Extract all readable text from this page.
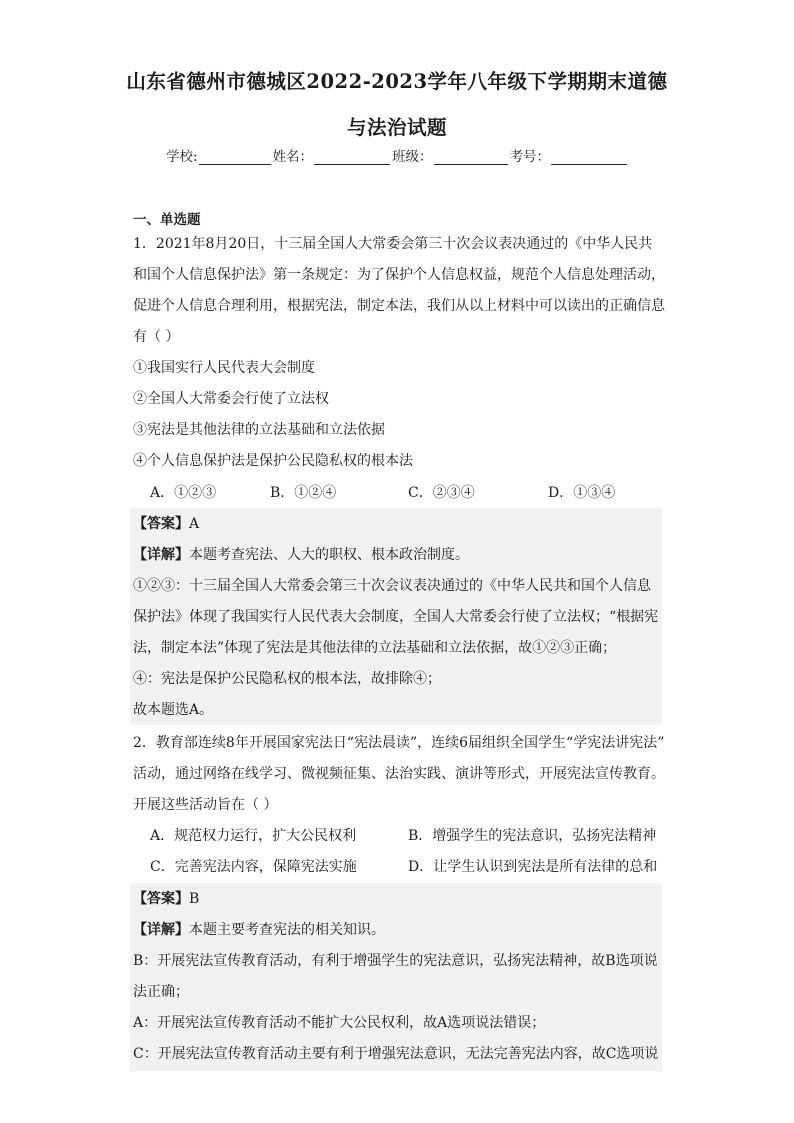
山东省德州市德城区2022-2023学年八年级下学期期末道德
与法治试题
学校:	姓名：	班级：	考号：
一、单选题
1．2021年8月20日，十三届全国人大常委会第三十次会议表决通过的《中华人民共
和国个人信息保护法》第一条规定：为了保护个人信息权益，规范个人信息处理活动，
促进个人信息合理利用，根据宪法，制定本法，我们从以上材料中可以读出的正确信息
有（ ）
①我国实行人民代表大会制度
②全国人大常委会行使了立法权
③宪法是其他法律的立法基础和立法依据
④个人信息保护法是保护公民隐私权的根本法
A．①②③	B．①②④	C．②③④	D．①③④
【答案】A
【详解】本题考查宪法、人大的职权、根本政治制度。
①②③：十三届全国人大常委会第三十次会议表决通过的《中华人民共和国个人信息
保护法》体现了我国实行人民代表大会制度，全国人大常委会行使了立法权；“根据宪
法，制定本法”体现了宪法是其他法律的立法基础和立法依据，故①②③正确；
④：宪法是保护公民隐私权的根本法，故排除④；
故本题选A。
2．教育部连续8年开展国家宪法日“宪法晨读”，连续6届组织全国学生“学宪法讲宪法”
活动，通过网络在线学习、微视频征集、法治实践、演讲等形式，开展宪法宣传教育。
开展这些活动旨在（ ）
A．规范权力运行，扩大公民权利	B．增强学生的宪法意识，弘扬宪法精神
C．完善宪法内容，保障宪法实施	D．让学生认识到宪法是所有法律的总和
【答案】B
【详解】本题主要考查宪法的相关知识。
B：开展宪法宣传教育活动，有利于增强学生的宪法意识，弘扬宪法精神，故B选项说
法正确；
A：开展宪法宣传教育活动不能扩大公民权利，故A选项说法错误；
C：开展宪法宣传教育活动主要有利于增强宪法意识，无法完善宪法内容，故C选项说
